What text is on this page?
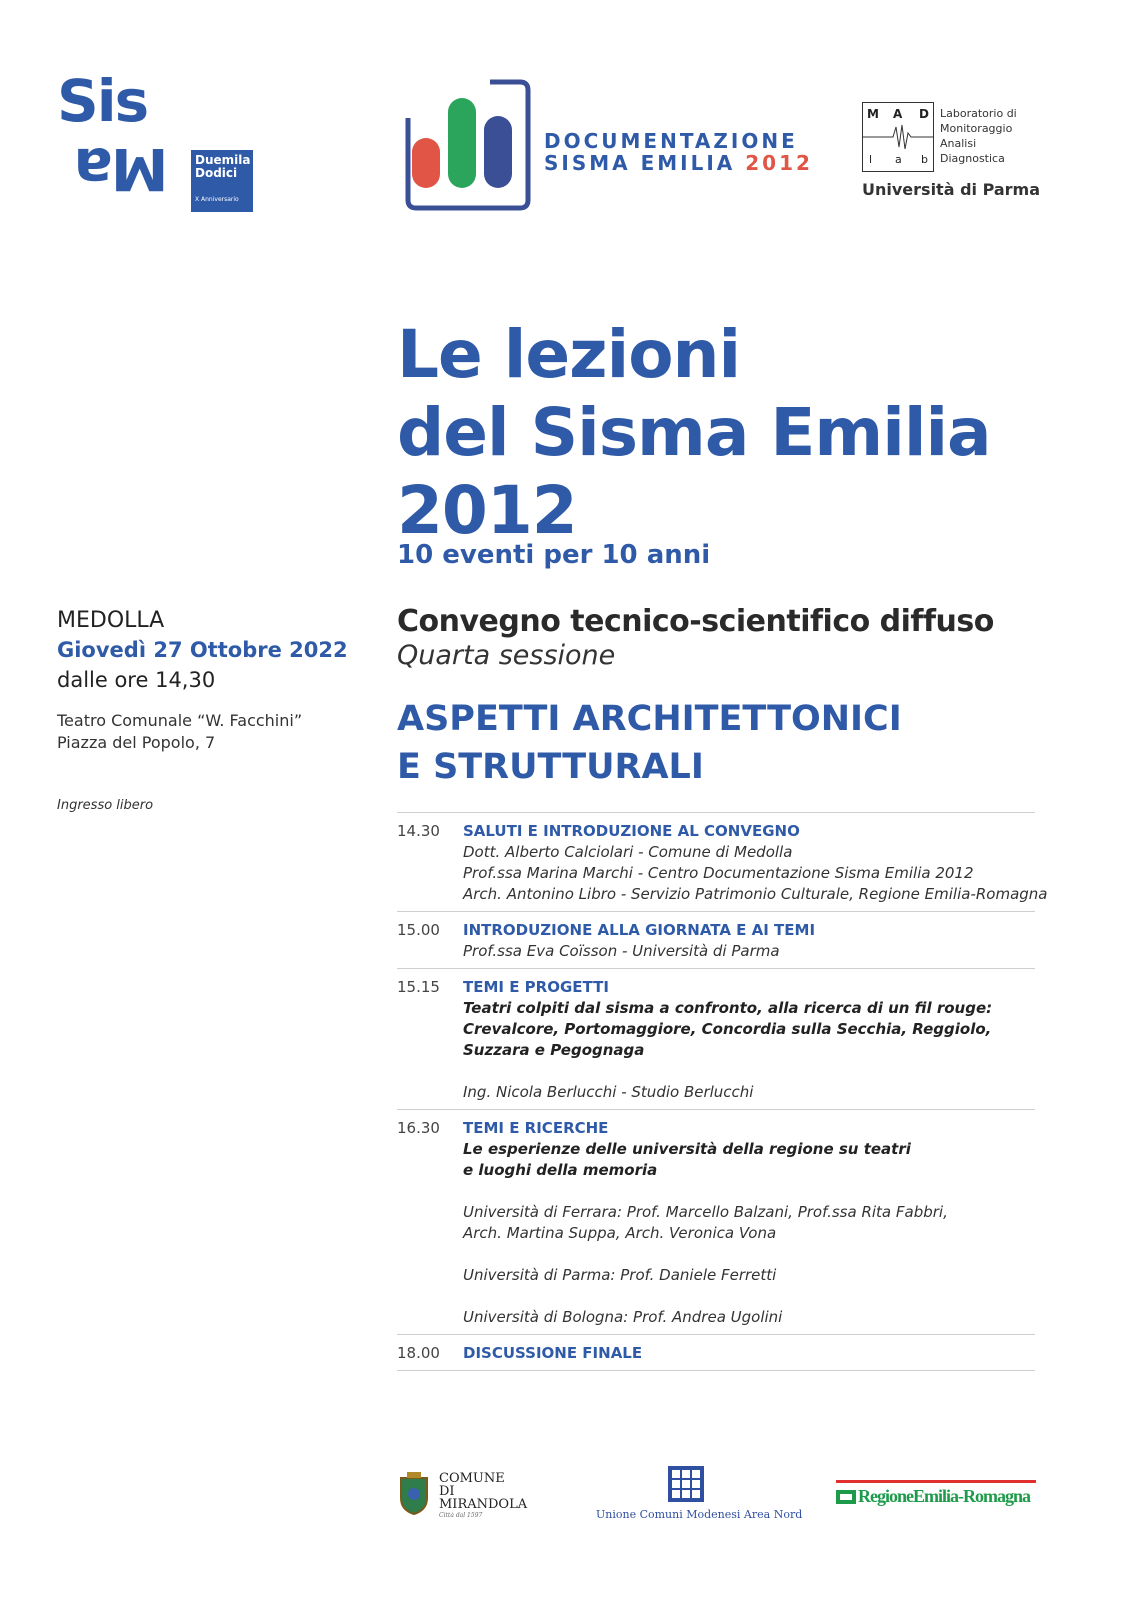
Sis
Ma	Duemila
Dodici
X Anniversario
DOCUMENTAZIONE
SISMA EMILIA 2012
M A D
l a b
Laboratorio di
Monitoraggio
Analisi
Diagnostica
Università di Parma
Le lezioni
del Sisma Emilia
2012
10 eventi per 10 anni
MEDOLLA
Giovedì 27 Ottobre 2022
dalle ore 14,30
Teatro Comunale “W. Facchini”
Piazza del Popolo, 7
Ingresso libero
Convegno tecnico-scientifico diffuso
Quarta sessione
ASPETTI ARCHITETTONICI
E STRUTTURALI
14.30 SALUTI E INTRODUZIONE AL CONVEGNO
Dott. Alberto Calciolari - Comune di Medolla
Prof.ssa Marina Marchi - Centro Documentazione Sisma Emilia 2012
Arch. Antonino Libro - Servizio Patrimonio Culturale, Regione Emilia-Romagna
15.00 INTRODUZIONE ALLA GIORNATA E AI TEMI
Prof.ssa Eva Coïsson - Università di Parma
15.15 TEMI E PROGETTI
Teatri colpiti dal sisma a confronto, alla ricerca di un fil rouge:
Crevalcore, Portomaggiore, Concordia sulla Secchia, Reggiolo,
Suzzara e Pegognaga
Ing. Nicola Berlucchi - Studio Berlucchi
16.30 TEMI E RICERCHE
Le esperienze delle università della regione su teatri
e luoghi della memoria
Università di Ferrara: Prof. Marcello Balzani, Prof.ssa Rita Fabbri,
Arch. Martina Suppa, Arch. Veronica Vona
Università di Parma: Prof. Daniele Ferretti
Università di Bologna: Prof. Andrea Ugolini
18.00 DISCUSSIONE FINALE
COMUNE
DI
MIRANDOLA
Città dal 1597	Unione Comuni Modenesi Area Nord
RegioneEmilia-Romagna
